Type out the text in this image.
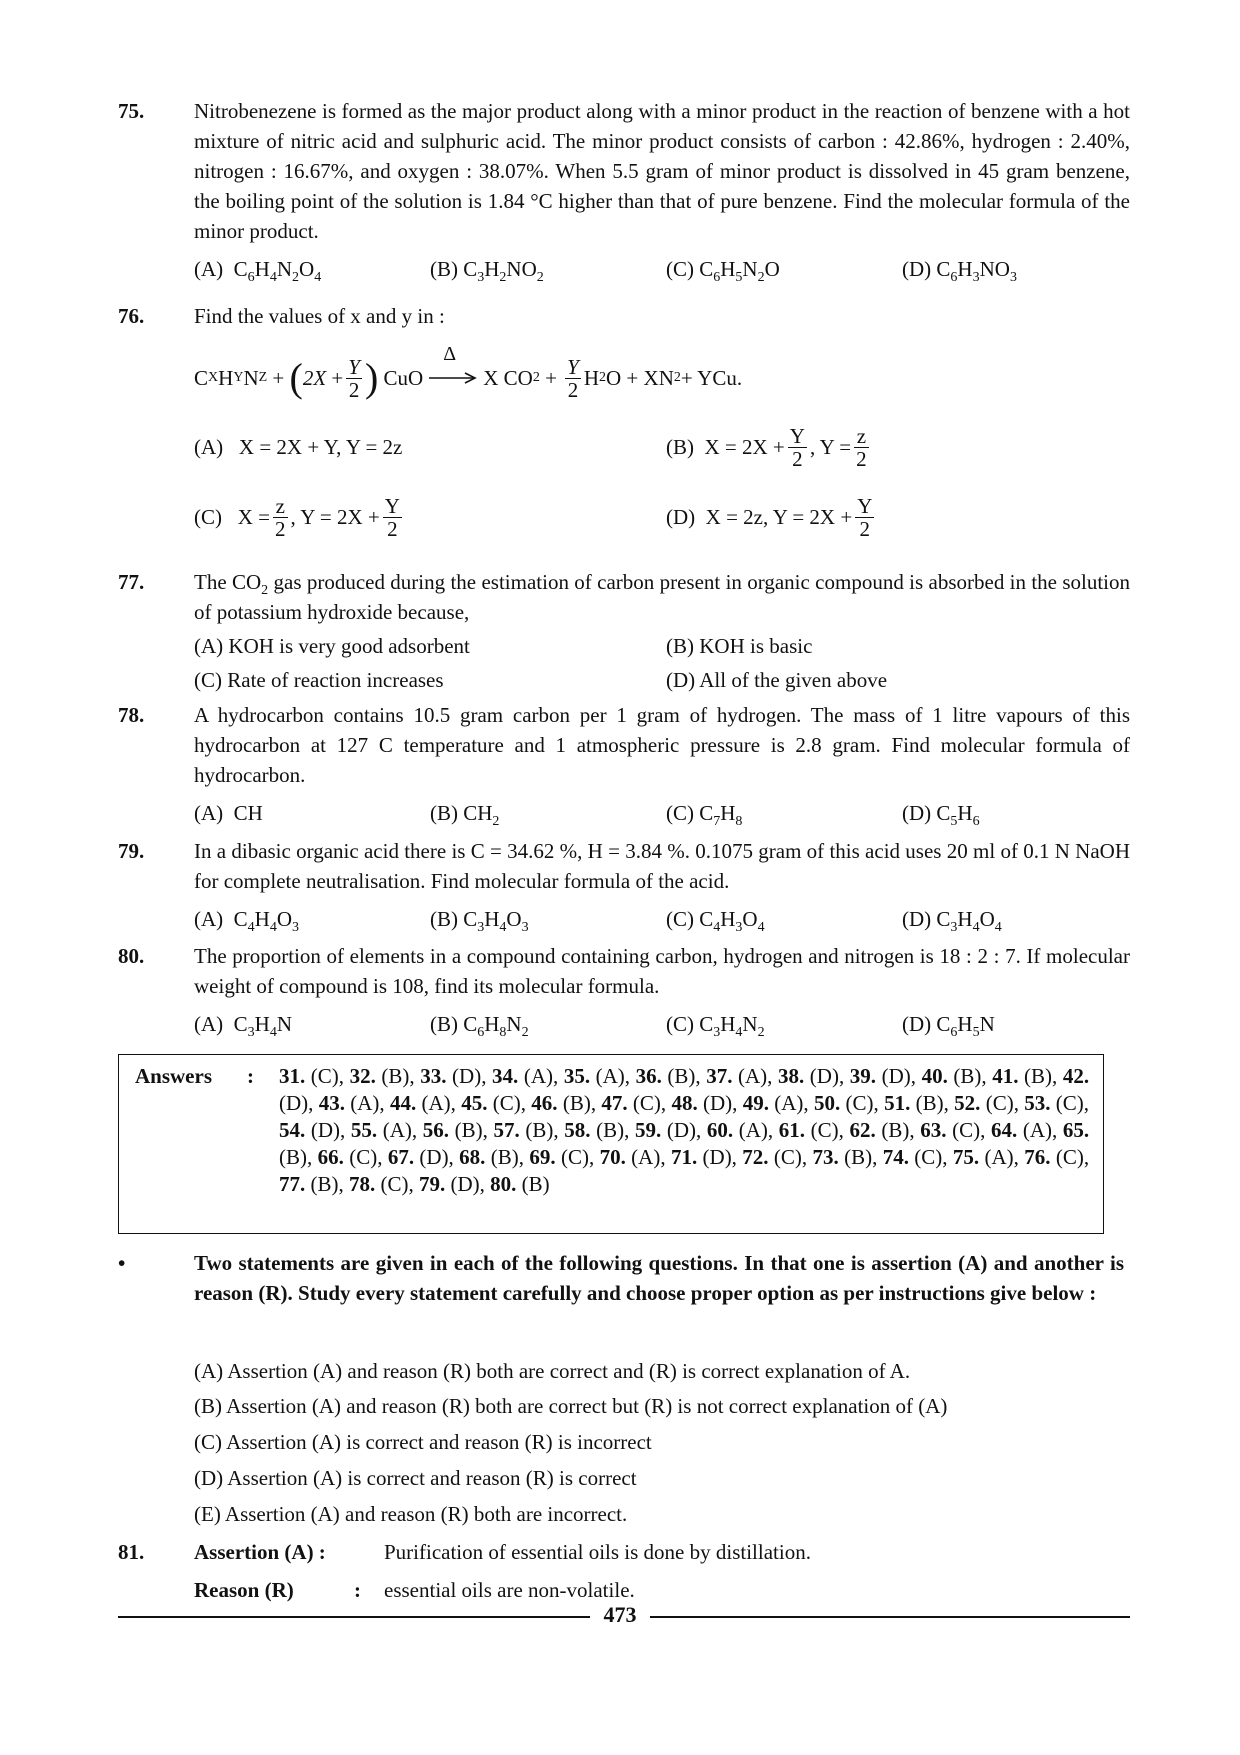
75. Nitrobenezene is formed as the major product along with a minor product in the reaction of benzene with a hot mixture of nitric acid and sulphuric acid. The minor product consists of carbon : 42.86%, hydrogen : 2.40%, nitrogen : 16.67%, and oxygen : 38.07%. When 5.5 gram of minor product is dissolved in 45 gram benzene, the boiling point of the solution is 1.84 °C higher than that of pure benzene. Find the molecular formula of the minor product.
(A)  $C_6H_4N_2O_4$	(B) $C_3H_2NO_2$	(C) $C_6H_5N_2O$	(D) $C_6H_3NO_3$
76. Find the values of x and y in :
C X H Y N Z + ( $2X + \frac{Y}{2}$ ) CuO
Δ
X CO $2 + \frac{Y}{2}$ H 2 O + XN 2 + YCu.
(A)   X = 2X + Y, Y = 2z	(B)  $X = 2X + \frac{Y}{2}$ , $Y = \frac{z}{2}$
(C)   $X = \frac{z}{2}$ , $Y = 2X + \frac{Y}{2}$	(D)  X = 2z, $Y = 2X + \frac{Y}{2}$
77. The $CO_2$ gas produced during the estimation of carbon present in organic compound is absorbed in the solution of potassium hydroxide because,
(A) KOH is very good adsorbent	(B) KOH is basic
(C) Rate of reaction increases	(D) All of the given above
78. A hydrocarbon contains 10.5 gram carbon per 1 gram of hydrogen. The mass of 1 litre vapours of this hydrocarbon at 127 C temperature and 1 atmospheric pressure is 2.8 gram. Find molecular formula of hydrocarbon.
(A)  CH	(B) $CH_2$	(C) $C_7H_8$	(D) $C_5H_6$
79. In a dibasic organic acid there is C = 34.62 %, H = 3.84 %. 0.1075 gram of this acid uses 20 ml of 0.1 N NaOH for complete neutralisation. Find molecular formula of the acid.
(A)  $C_4H_4O_3$	(B) $C_3H_4O_3$	(C) $C_4H_3O_4$	(D) $C_3H_4O_4$
80. The proportion of elements in a compound containing carbon, hydrogen and nitrogen is 18 : 2 : 7. If molecular weight of compound is 108, find its molecular formula.
(A)  $C_3H_4N$	(B) $C_6H_8N_2$	(C) $C_3H_4N_2$	(D) $C_6H_5N$
Answers : 31. (C), 32. (B), 33. (D), 34. (A), 35. (A), 36. (B), 37. (A), 38. (D), 39. (D), 40. (B), 41. (B), 42. (D), 43. (A), 44. (A), 45. (C), 46. (B), 47. (C), 48. (D), 49. (A), 50. (C), 51. (B), 52. (C), 53. (C), 54. (D), 55. (A), 56. (B), 57. (B), 58. (B), 59. (D), 60. (A), 61. (C), 62. (B), 63. (C), 64. (A), 65. (B), 66. (C), 67. (D), 68. (B), 69. (C), 70. (A), 71. (D), 72. (C), 73. (B), 74. (C), 75. (A), 76. (C), 77. (B), 78. (C), 79. (D), 80. (B)
•	Two statements are given in each of the following questions. In that one is assertion (A) and another is reason (R). Study every statement carefully and choose proper option as per instructions give below :
(A) Assertion (A) and reason (R) both are correct and (R) is correct explanation of A.
(B) Assertion (A) and reason (R) both are correct but (R) is not correct explanation of (A)
(C) Assertion (A) is correct and reason (R) is incorrect
(D) Assertion (A) is correct and reason (R) is correct
(E) Assertion (A) and reason (R) both are incorrect.
81. Assertion (A) :	Purification of essential oils is done by distillation.
Reason (R)	: essential oils are non-volatile.
473
